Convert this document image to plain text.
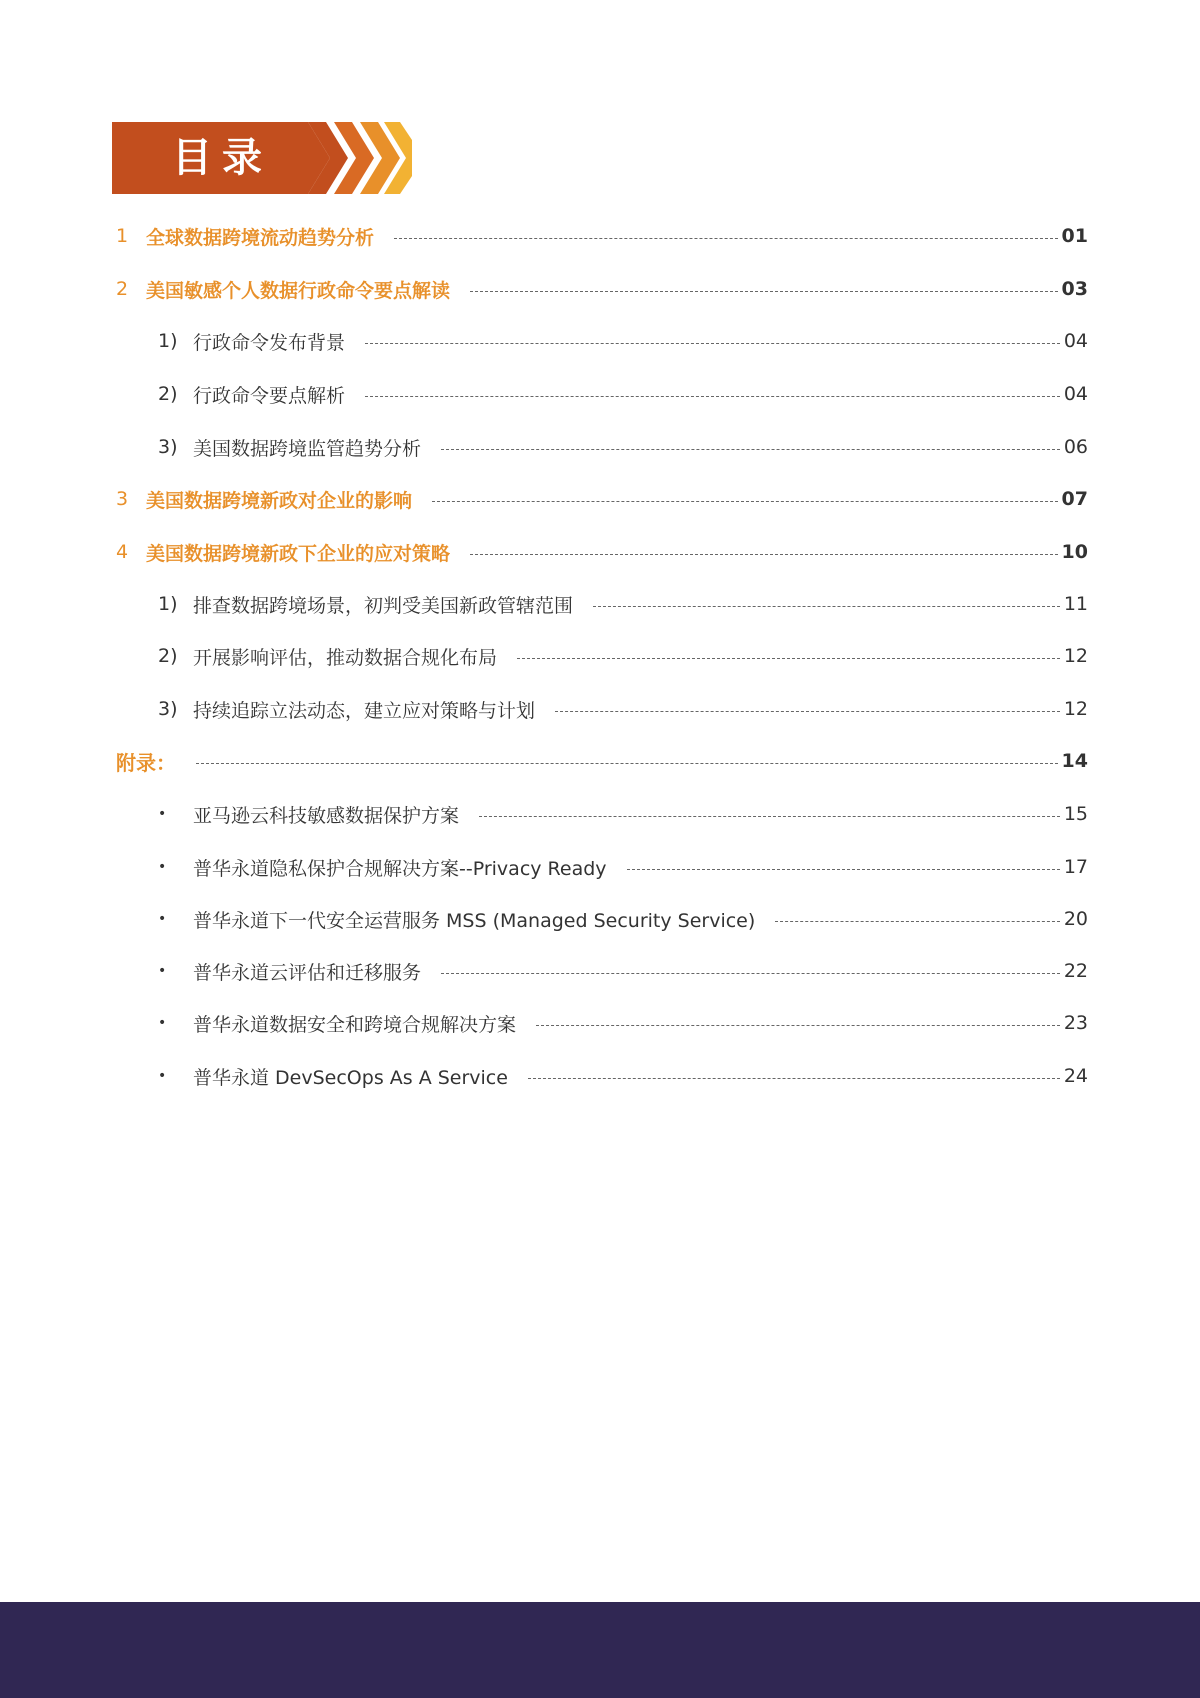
目录
1 全球数据跨境流动趋势分析	01
2 美国敏感个人数据行政命令要点解读	03
1) 行政命令发布背景	04
2) 行政命令要点解析	04
3) 美国数据跨境监管趋势分析	06
3 美国数据跨境新政对企业的影响	07
4 美国数据跨境新政下企业的应对策略	10
1) 排查数据跨境场景，初判受美国新政管辖范围	11
2) 开展影响评估，推动数据合规化布局	12
3) 持续追踪立法动态，建立应对策略与计划	12
附录：	14
•	亚马逊云科技敏感数据保护方案	15
•	普华永道隐私保护合规解决方案--Privacy Ready	17
•	普华永道下一代安全运营服务 MSS (Managed Security Service)	20
•	普华永道云评估和迁移服务	22
•	普华永道数据安全和跨境合规解决方案	23
•	普华永道 DevSecOps As A Service	24
